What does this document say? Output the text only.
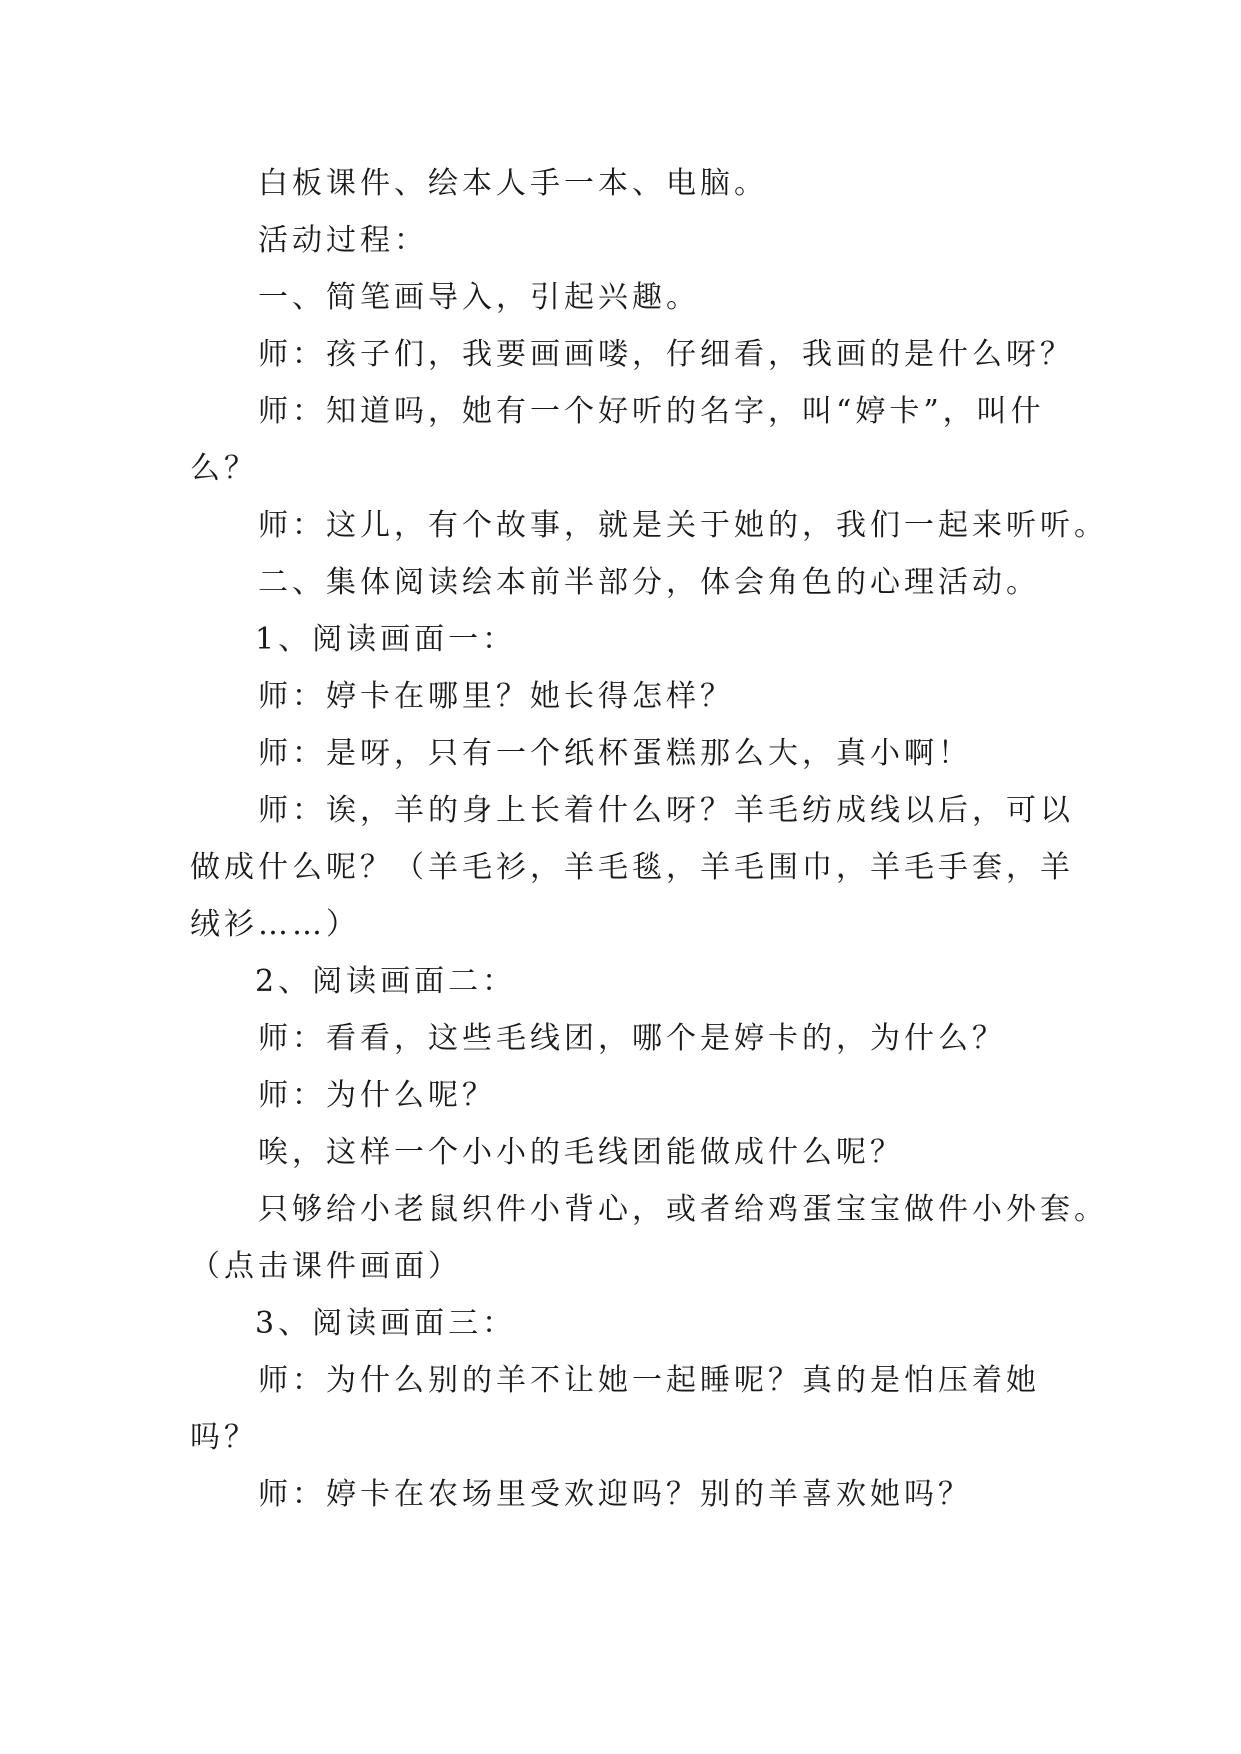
白板课件、绘本人手一本、电脑。
活动过程：
一、简笔画导入，引起兴趣。
师：孩子们，我要画画喽，仔细看，我画的是什么呀？
师：知道吗，她有一个好听的名字，叫“婷卡”，叫什
么？
师：这儿，有个故事，就是关于她的，我们一起来听听。
二、集体阅读绘本前半部分，体会角色的心理活动。
1、阅读画面一：
师：婷卡在哪里？她长得怎样？
师：是呀，只有一个纸杯蛋糕那么大，真小啊！
师：诶，羊的身上长着什么呀？羊毛纺成线以后，可以
做成什么呢？（羊毛衫，羊毛毯，羊毛围巾，羊毛手套，羊
绒衫……）
2、阅读画面二：
师：看看，这些毛线团，哪个是婷卡的，为什么？
师：为什么呢？
唉，这样一个小小的毛线团能做成什么呢？
只够给小老鼠织件小背心，或者给鸡蛋宝宝做件小外套。
（点击课件画面）
3、阅读画面三：
师：为什么别的羊不让她一起睡呢？真的是怕压着她
吗？
师：婷卡在农场里受欢迎吗？别的羊喜欢她吗？
